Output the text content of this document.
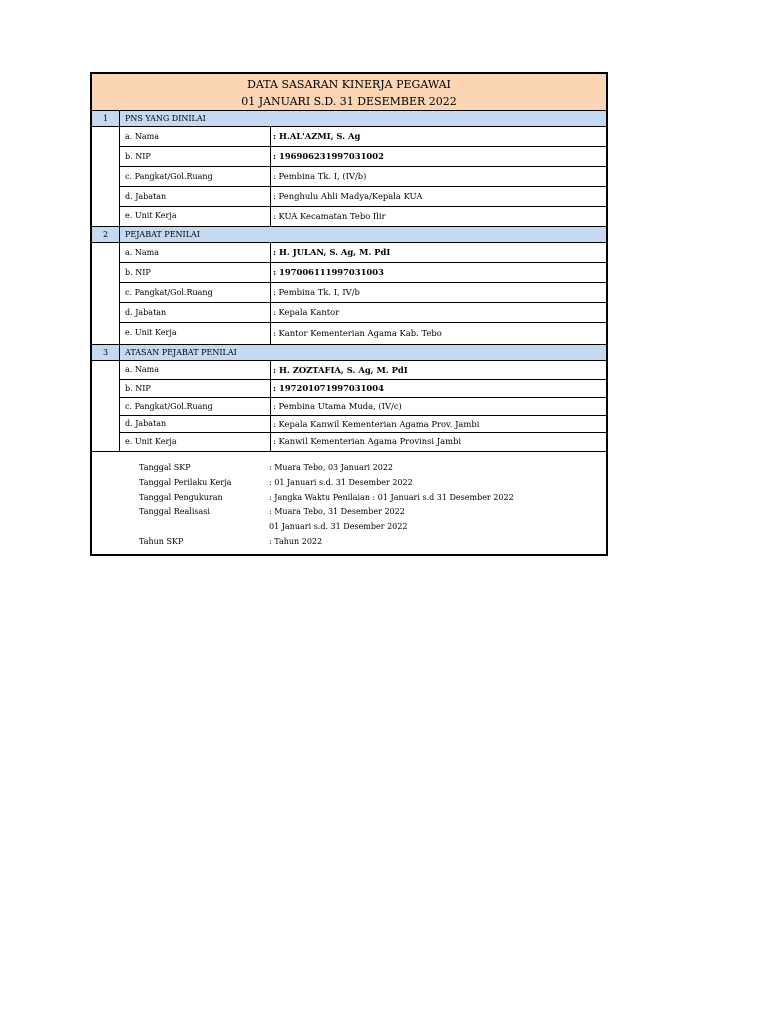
DATA SASARAN KINERJA PEGAWAI
01 JANUARI S.D. 31 DESEMBER 2022
1	PNS YANG DINILAI
a. Nama	: H.AL'AZMI, S. Ag
b. NIP	: 196906231997031002
c. Pangkat/Gol.Ruang	: Pembina Tk. I, (IV/b)
d. Jabatan	: Penghulu Ahli Madya/Kepala KUA
e. Unit Kerja	: KUA Kecamatan Tebo Ilir
2	PEJABAT PENILAI
a. Nama	: H. JULAN, S. Ag, M. PdI
b. NIP	: 197006111997031003
c. Pangkat/Gol.Ruang	: Pembina Tk. I, IV/b
d. Jabatan	: Kepala Kantor
e. Unit Kerja	: Kantor Kementerian Agama Kab. Tebo
3	ATASAN PEJABAT PENILAI
a. Nama	: H. ZOZTAFIA, S. Ag, M. PdI
b. NIP	: 197201071997031004
c. Pangkat/Gol.Ruang	: Pembina Utama Muda, (IV/c)
d. Jabatan	: Kepala Kanwil Kementerian Agama Prov. Jambi
e. Unit Kerja	: Kanwil Kementerian Agama Provinsi Jambi
Tanggal SKP	: Muara Tebo, 03 Januari 2022
Tanggal Perilaku Kerja	: 01 Januari s.d. 31 Desember 2022
Tanggal Pengukuran	: Jangka Waktu Penilaian : 01 Januari s.d 31 Desember 2022
Tanggal Realisasi	: Muara Tebo, 31 Desember 2022
01 Januari s.d. 31 Desember 2022
Tahun SKP	: Tahun 2022
